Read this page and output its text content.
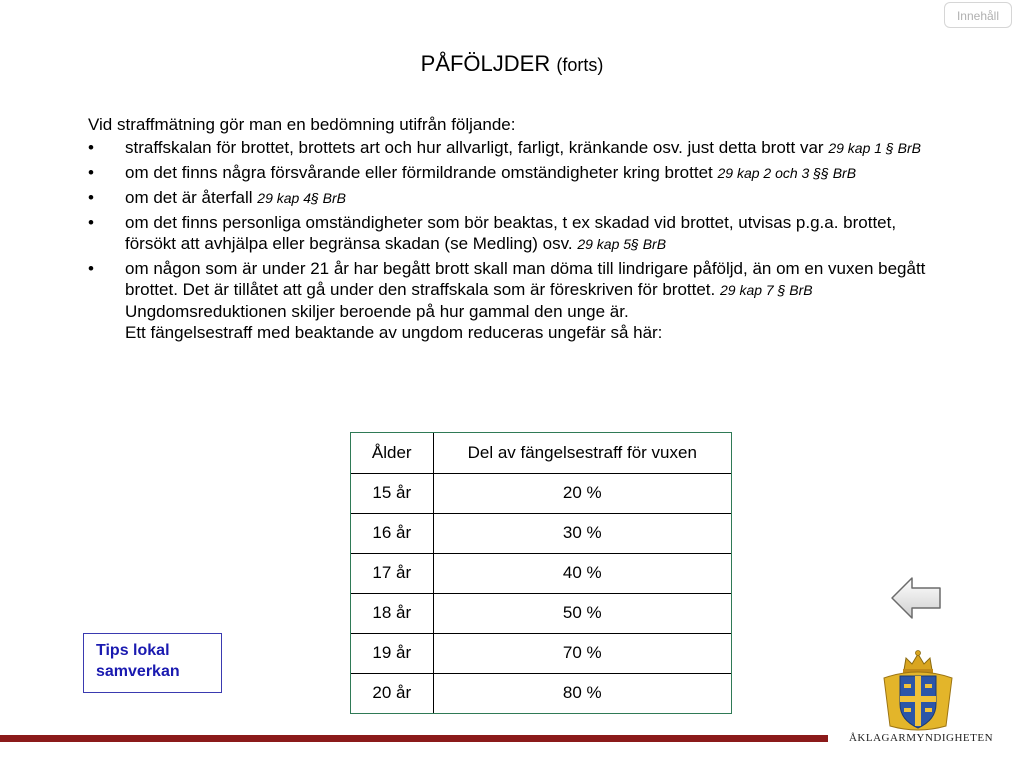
Innehåll
PÅFÖLJDER (forts)

Vid straffmätning gör man en bedömning utifrån följande:

• straffskalan för brottet, brottets art och hur allvarligt, farligt, kränkande osv. just detta brott var 29 kap 1 § BrB
• om det finns några försvårande eller förmildrande omständigheter kring brottet 29 kap 2 och 3 §§ BrB
• om det är återfall 29 kap 4§ BrB
• om det finns personliga omständigheter som bör beaktas, t ex skadad vid brottet, utvisas p.g.a. brottet, försökt att avhjälpa eller begränsa skadan (se Medling) osv. 29 kap 5§ BrB
• om någon som är under 21 år har begått brott skall man döma till lindrigare påföljd, än om en vuxen begått brottet. Det är tillåtet att gå under den straffskala som är föreskriven för brottet. 29 kap 7 § BrB
Ungdomsreduktionen skiljer beroende på hur gammal den unge är.
Ett fängelsestraff med beaktande av ungdom reduceras ungefär så här:
Ålder	Del av fängelsestraff för vuxen
15 år	20 %
16 år	30 %
17 år	40 %
18 år	50 %
19 år	70 %
20 år	80 %
Tips lokal
samverkan
ÅKLAGARMYNDIGHETEN
